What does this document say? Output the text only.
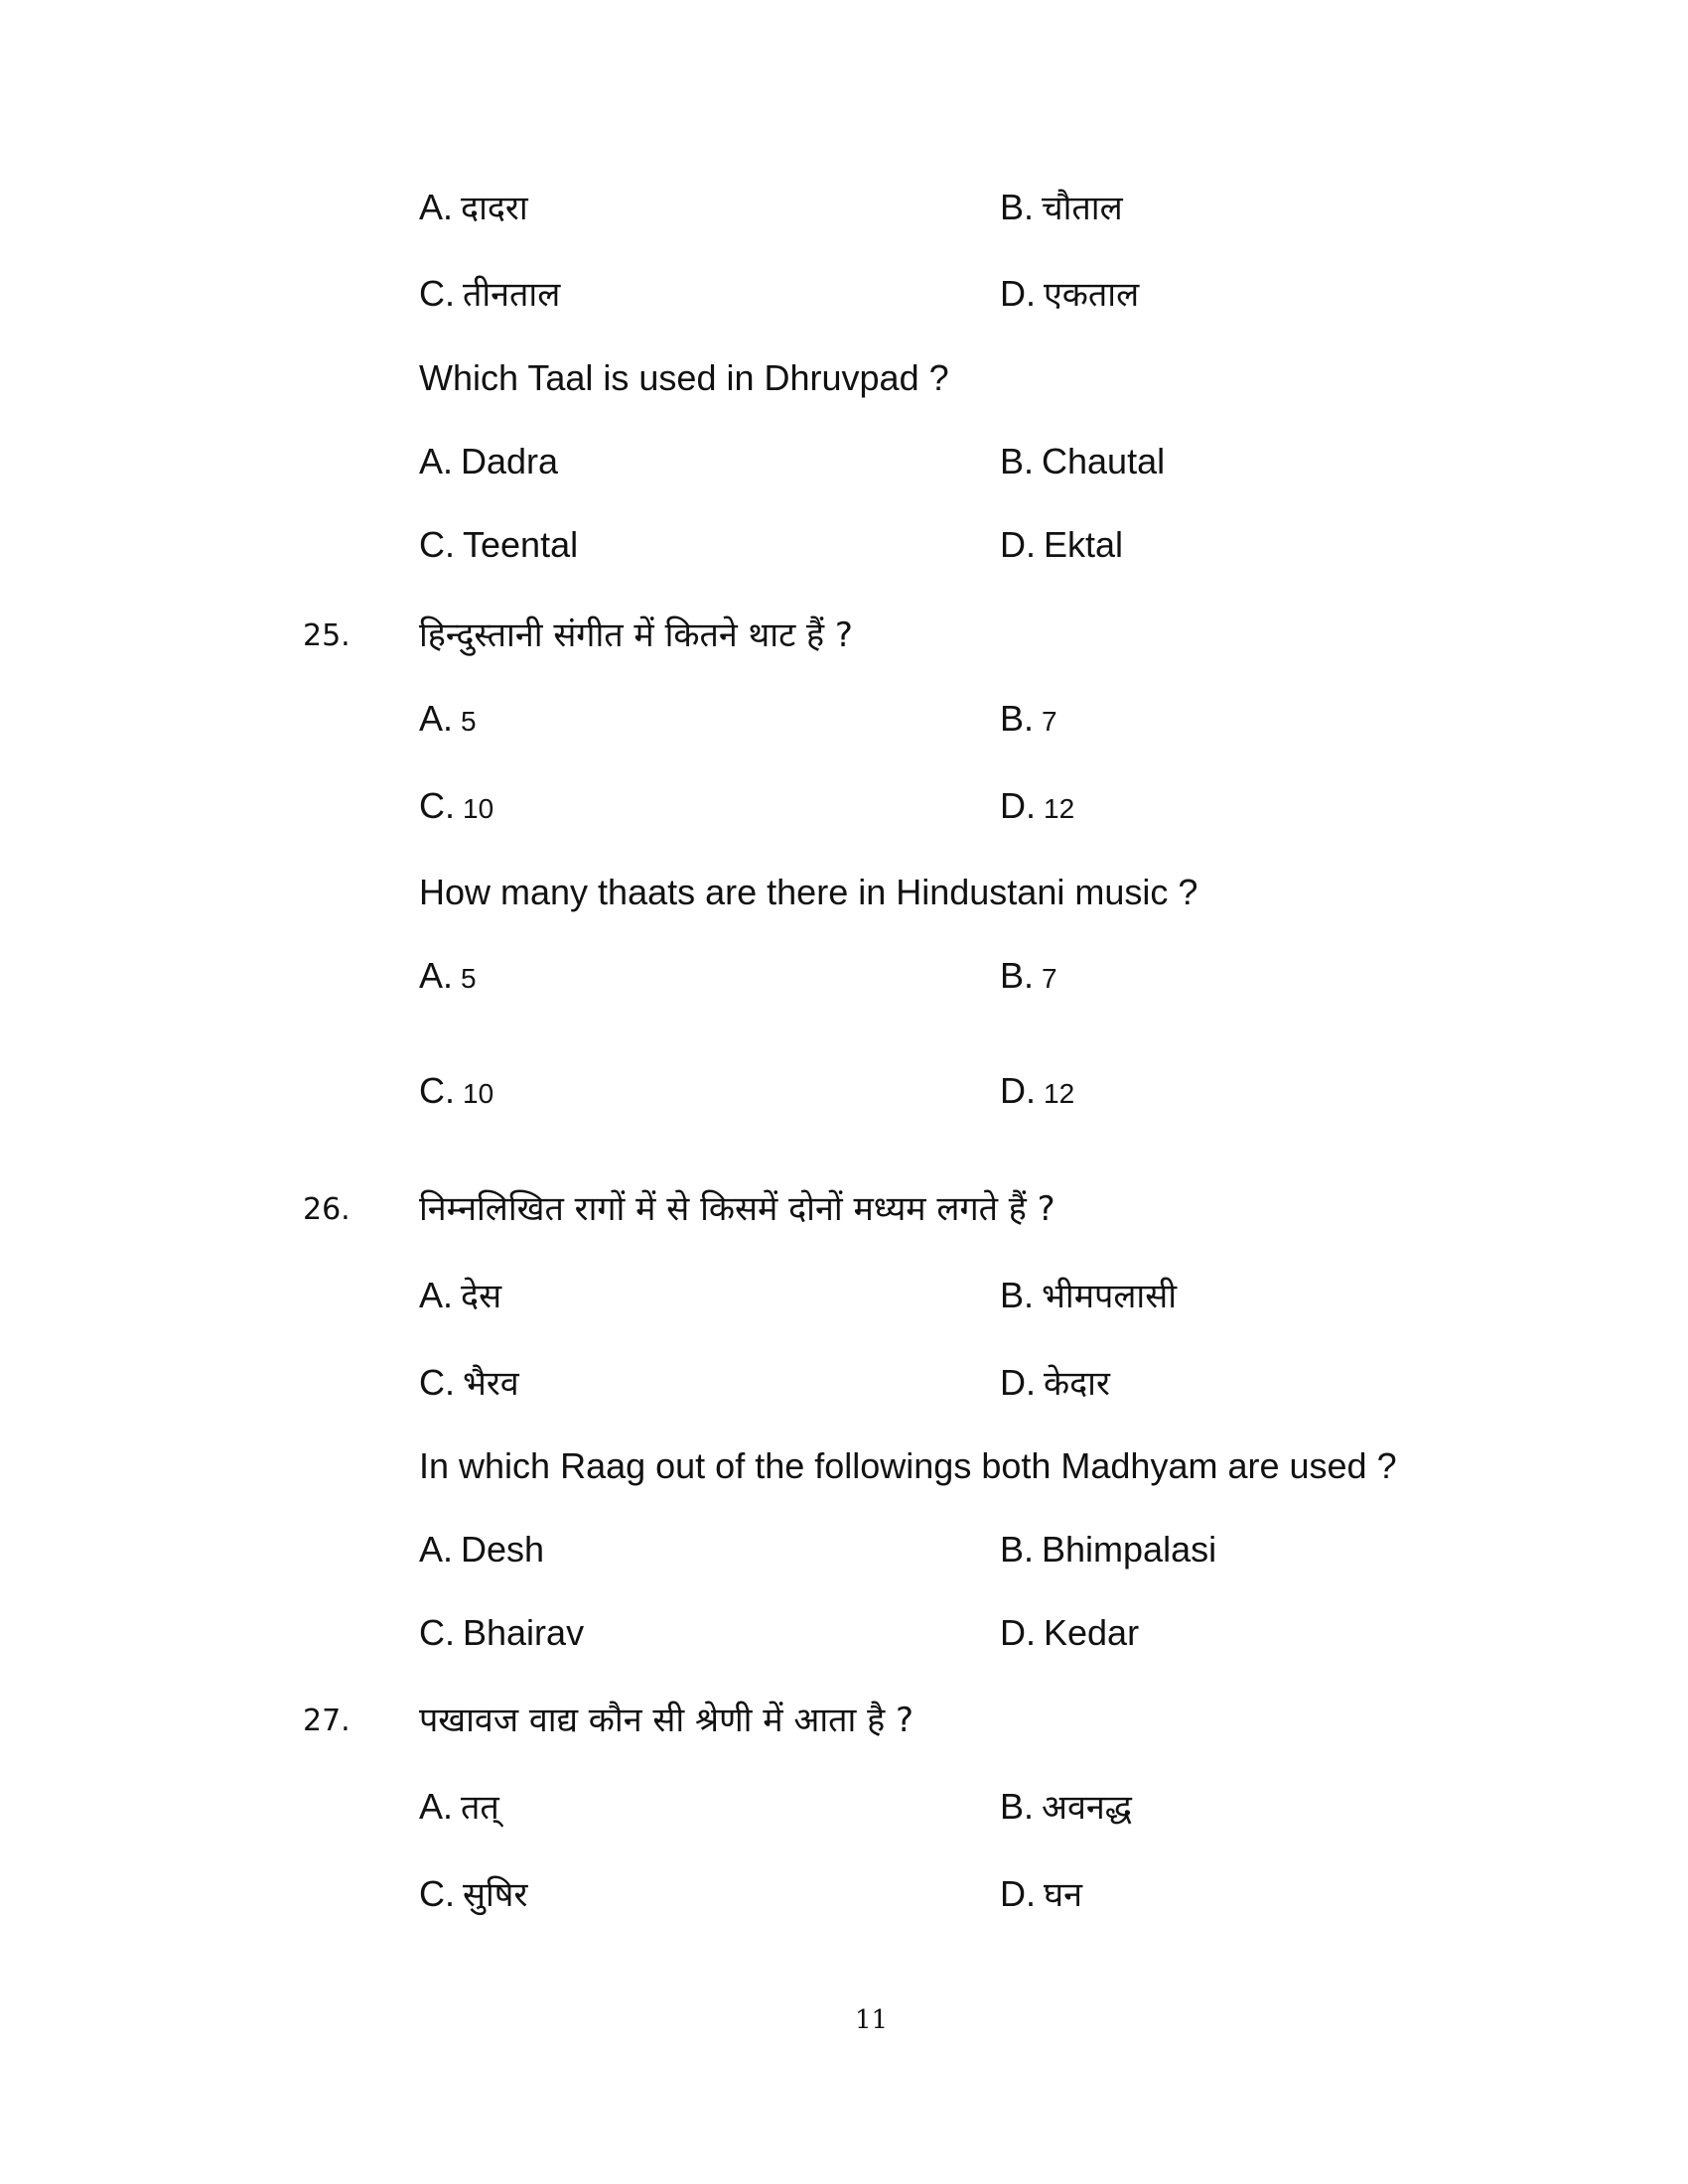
A. दादरा	B. चौताल
C. तीनताल	D. एकताल
Which Taal is used in Dhruvpad ?
A. Dadra	B. Chautal
C. Teental	D. Ektal
25. हिन्दुस्तानी संगीत में कितने थाट हैं ?
A. 5	B. 7
C. 10	D. 12
How many thaats are there in Hindustani music ?
A. 5	B. 7
C. 10	D. 12
26. निम्नलिखित रागों में से किसमें दोनों मध्यम लगते हैं ?
A. देस	B. भीमपलासी
C. भैरव	D. केदार
In which Raag out of the followings both Madhyam are used ?
A. Desh	B. Bhimpalasi
C. Bhairav	D. Kedar
27. पखावज वाद्य कौन सी श्रेणी में आता है ?
A. तत्	B. अवनद्ध
C. सुषिर	D. घन
11
